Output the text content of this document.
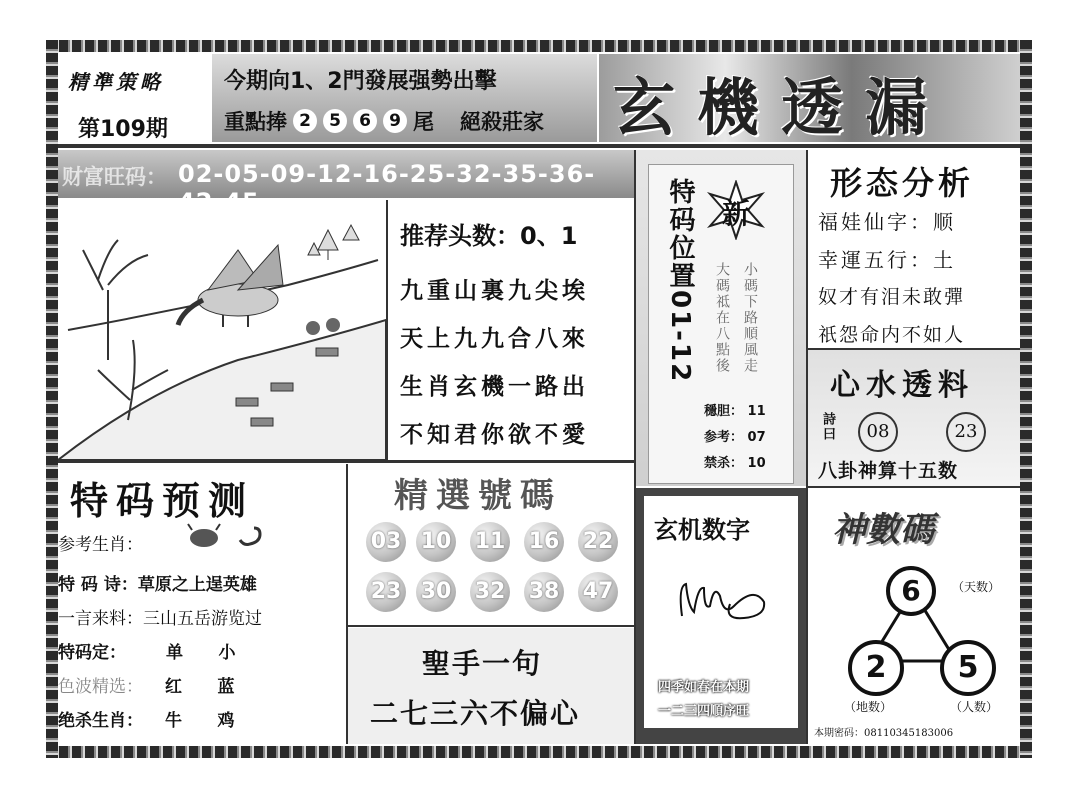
精準策略
第109期
今期向1、2門發展强勢出擊
重點捧 2	5	6	9 尾 絕殺莊家 玄機透漏
财富旺码： 02-05-09-12-16-25-32-35-36-42-45
推荐头数：0、1
九重山裏九尖埃
天上九九合八來
生肖玄機一路出
不知君你欲不愛
特码位置01-12 新
大碼祗在八點後 小碼下路順風走
穩胆： 11
参考： 07
禁杀： 10
形态分析
福娃仙字：顺
幸運五行：土
奴才有泪未敢彈
祇怨命内不如人
心水透料
詩曰	08	23
八卦神算十五数
特码预测
参考生肖：
特 码 诗：草原之上逞英雄
一言来料：三山五岳游览过
特码定： 单      小
色波精选： 红      蓝
绝杀生肖： 牛      鸡
精選號碼
03 10 11 16 22
23 30 32 38 47
聖手一句
二七三六不偏心
玄机数字
四季如春在本期
一二三四順序旺
神數碼
6	（天数）
2
（地数）
5
（人数）
本期密码：08110345183006
